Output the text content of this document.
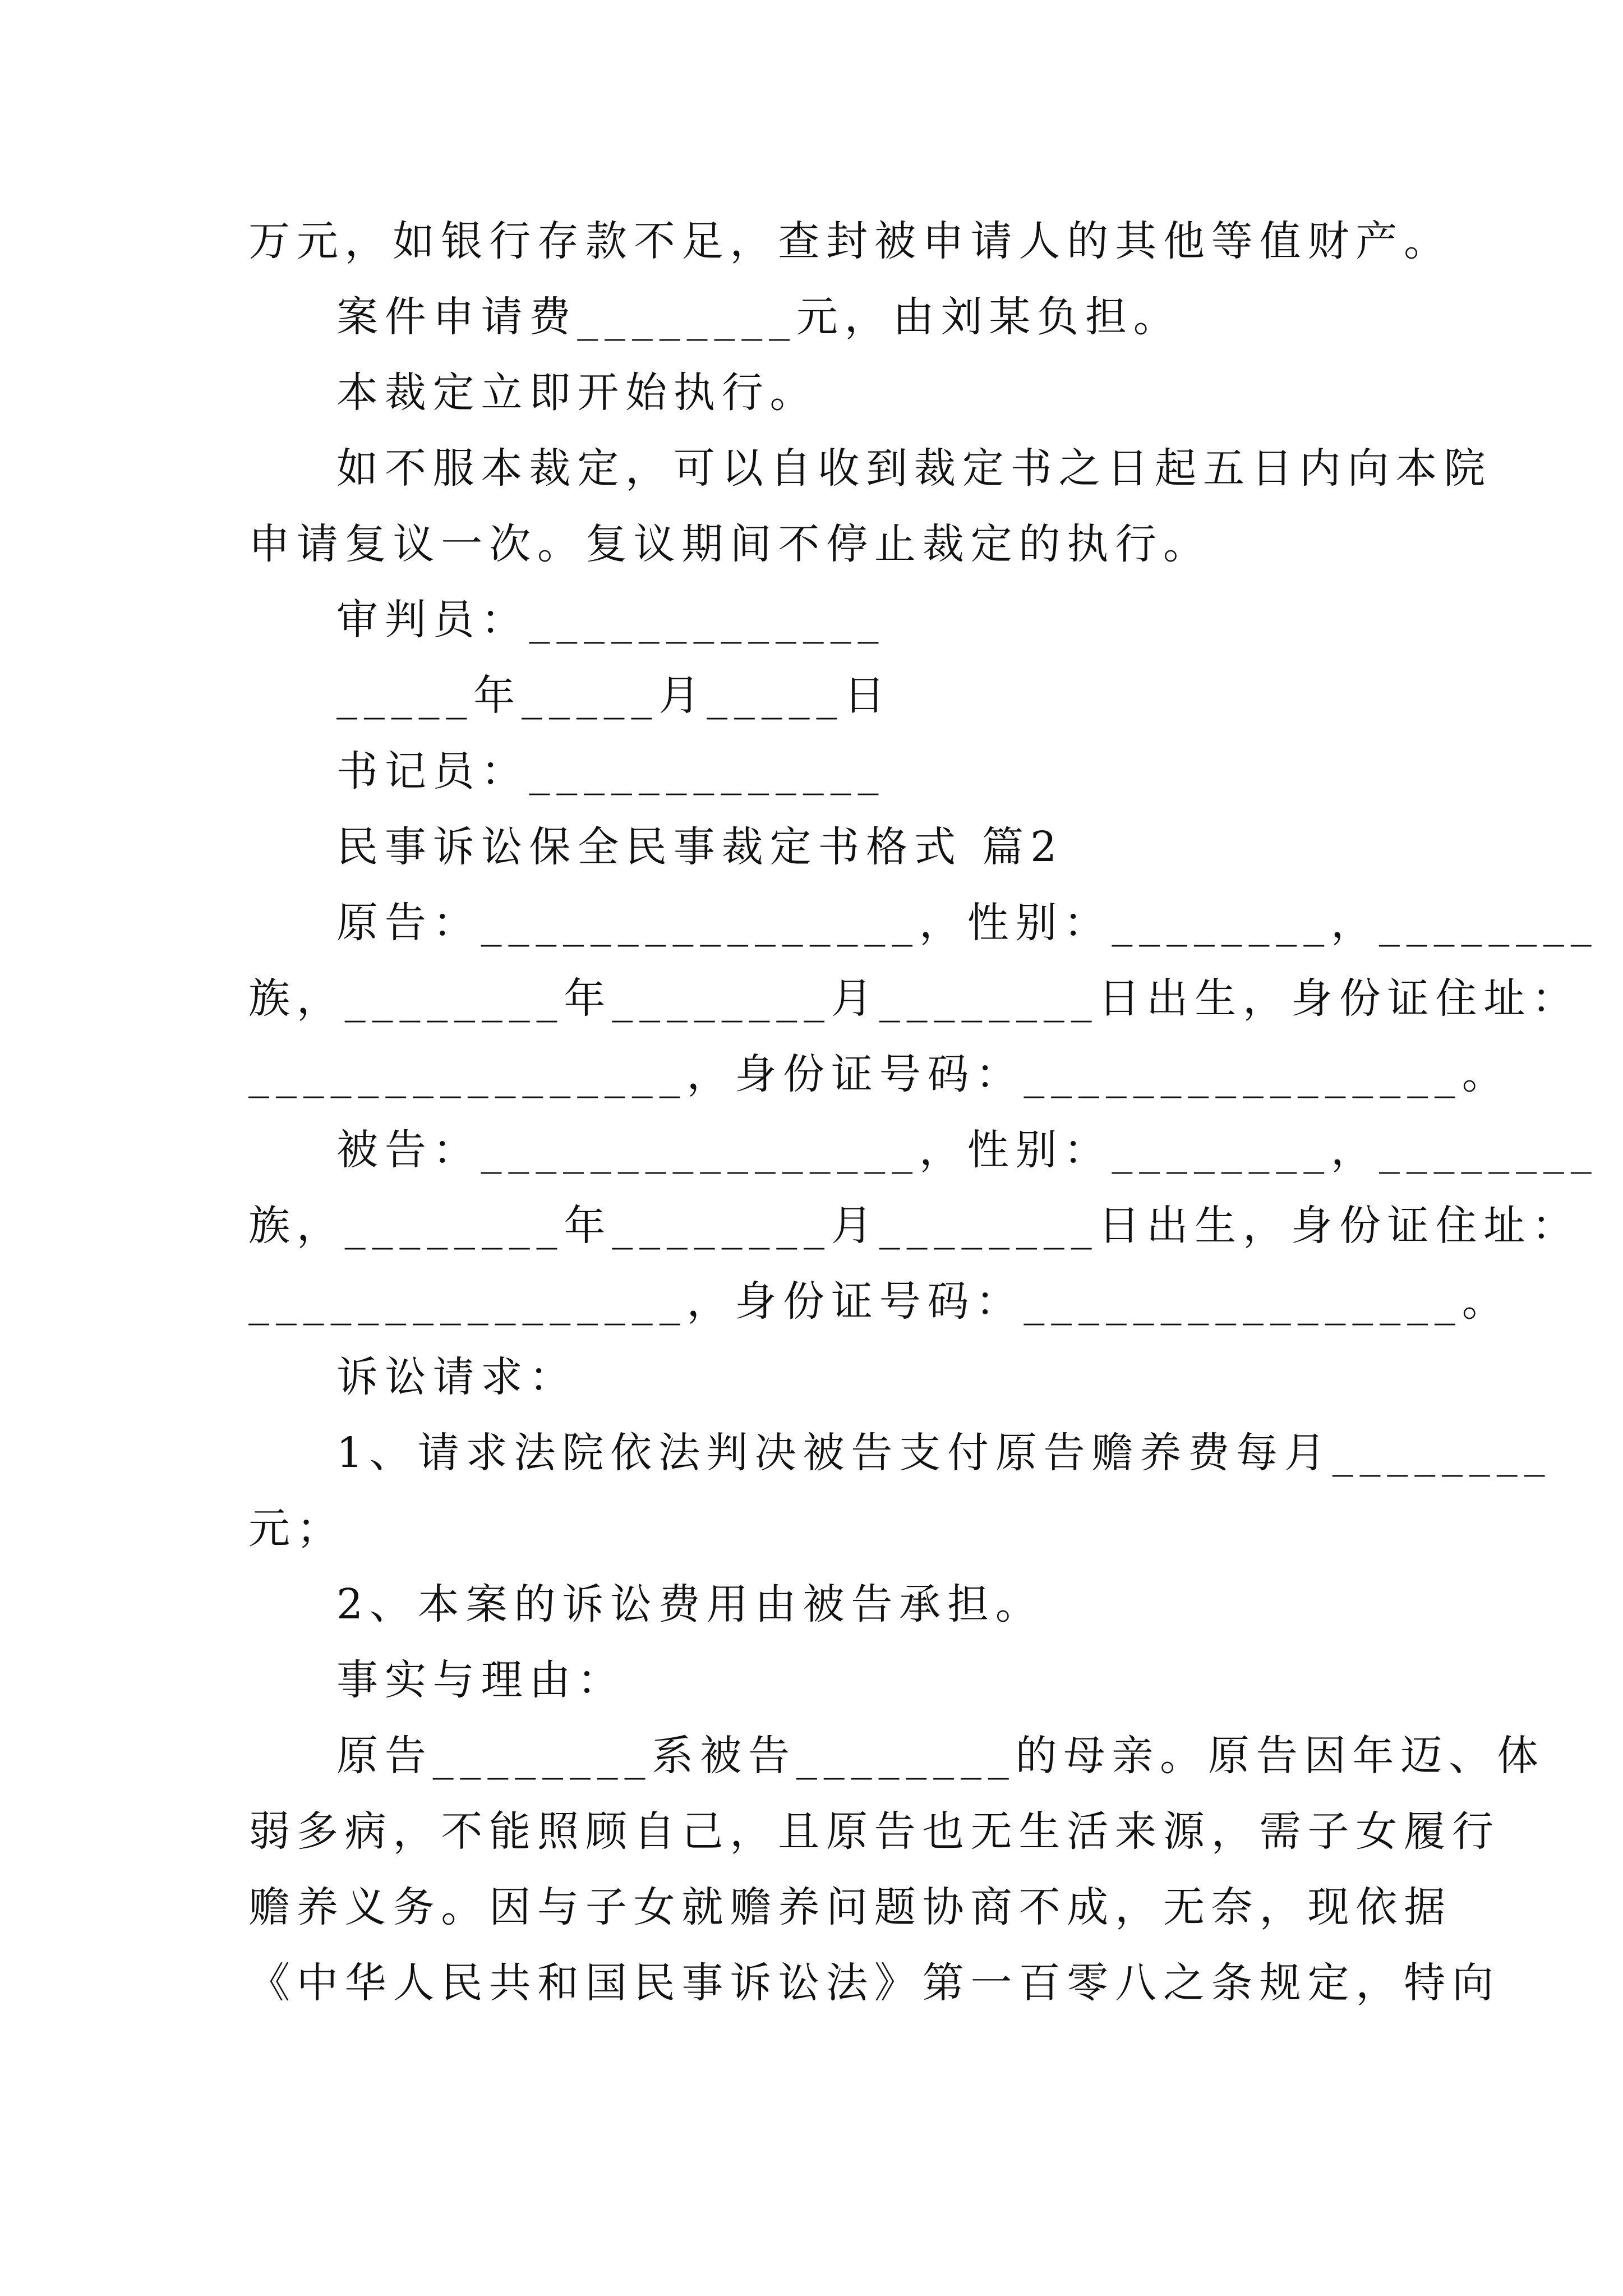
万元，如银行存款不足，查封被申请人的其他等值财产。
案件申请费________元，由刘某负担。
本裁定立即开始执行。
如不服本裁定，可以自收到裁定书之日起五日内向本院
申请复议一次。复议期间不停止裁定的执行。
审判员：_____________
_____年_____月_____日
书记员：_____________
民事诉讼保全民事裁定书格式 篇2
原告：________________，性别：________，________
族，________年________月________日出生，身份证住址：
________________，身份证号码：________________。
被告：________________，性别：________，________
族，________年________月________日出生，身份证住址：
________________，身份证号码：________________。
诉讼请求：
1、请求法院依法判决被告支付原告赡养费每月________
元；
2、本案的诉讼费用由被告承担。
事实与理由：
原告________系被告________的母亲。原告因年迈、体
弱多病，不能照顾自己，且原告也无生活来源，需子女履行
赡养义务。因与子女就赡养问题协商不成，无奈，现依据
《中华人民共和国民事诉讼法》第一百零八之条规定，特向
